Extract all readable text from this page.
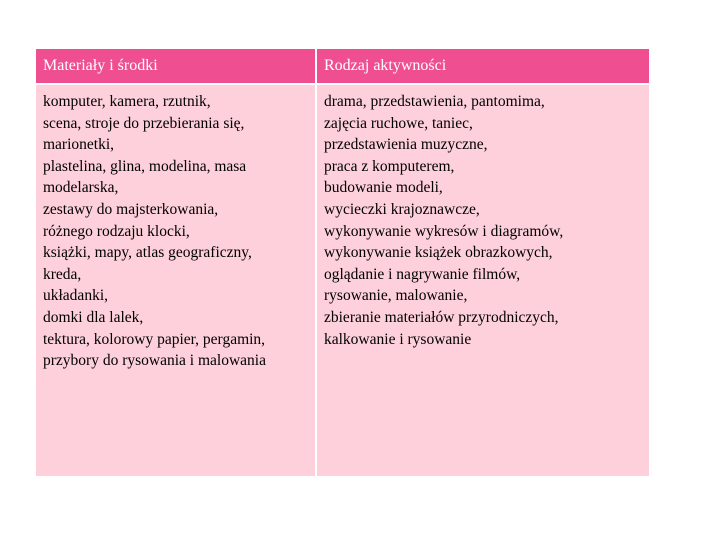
Materiały i środki	Rodzaj aktywności
komputer, kamera, rzutnik,
scena, stroje do przebierania się,
marionetki,
plastelina, glina, modelina, masa
modelarska,
zestawy do majsterkowania,
różnego rodzaju klocki,
książki, mapy, atlas geograficzny,
kreda,
układanki,
domki dla lalek,
tektura, kolorowy papier, pergamin,
przybory do rysowania i malowania
drama, przedstawienia, pantomima,
zajęcia ruchowe, taniec,
przedstawienia muzyczne,
praca z komputerem,
budowanie modeli,
wycieczki krajoznawcze,
wykonywanie wykresów i diagramów,
wykonywanie książek obrazkowych,
oglądanie i nagrywanie filmów,
rysowanie, malowanie,
zbieranie materiałów przyrodniczych,
kalkowanie i rysowanie
